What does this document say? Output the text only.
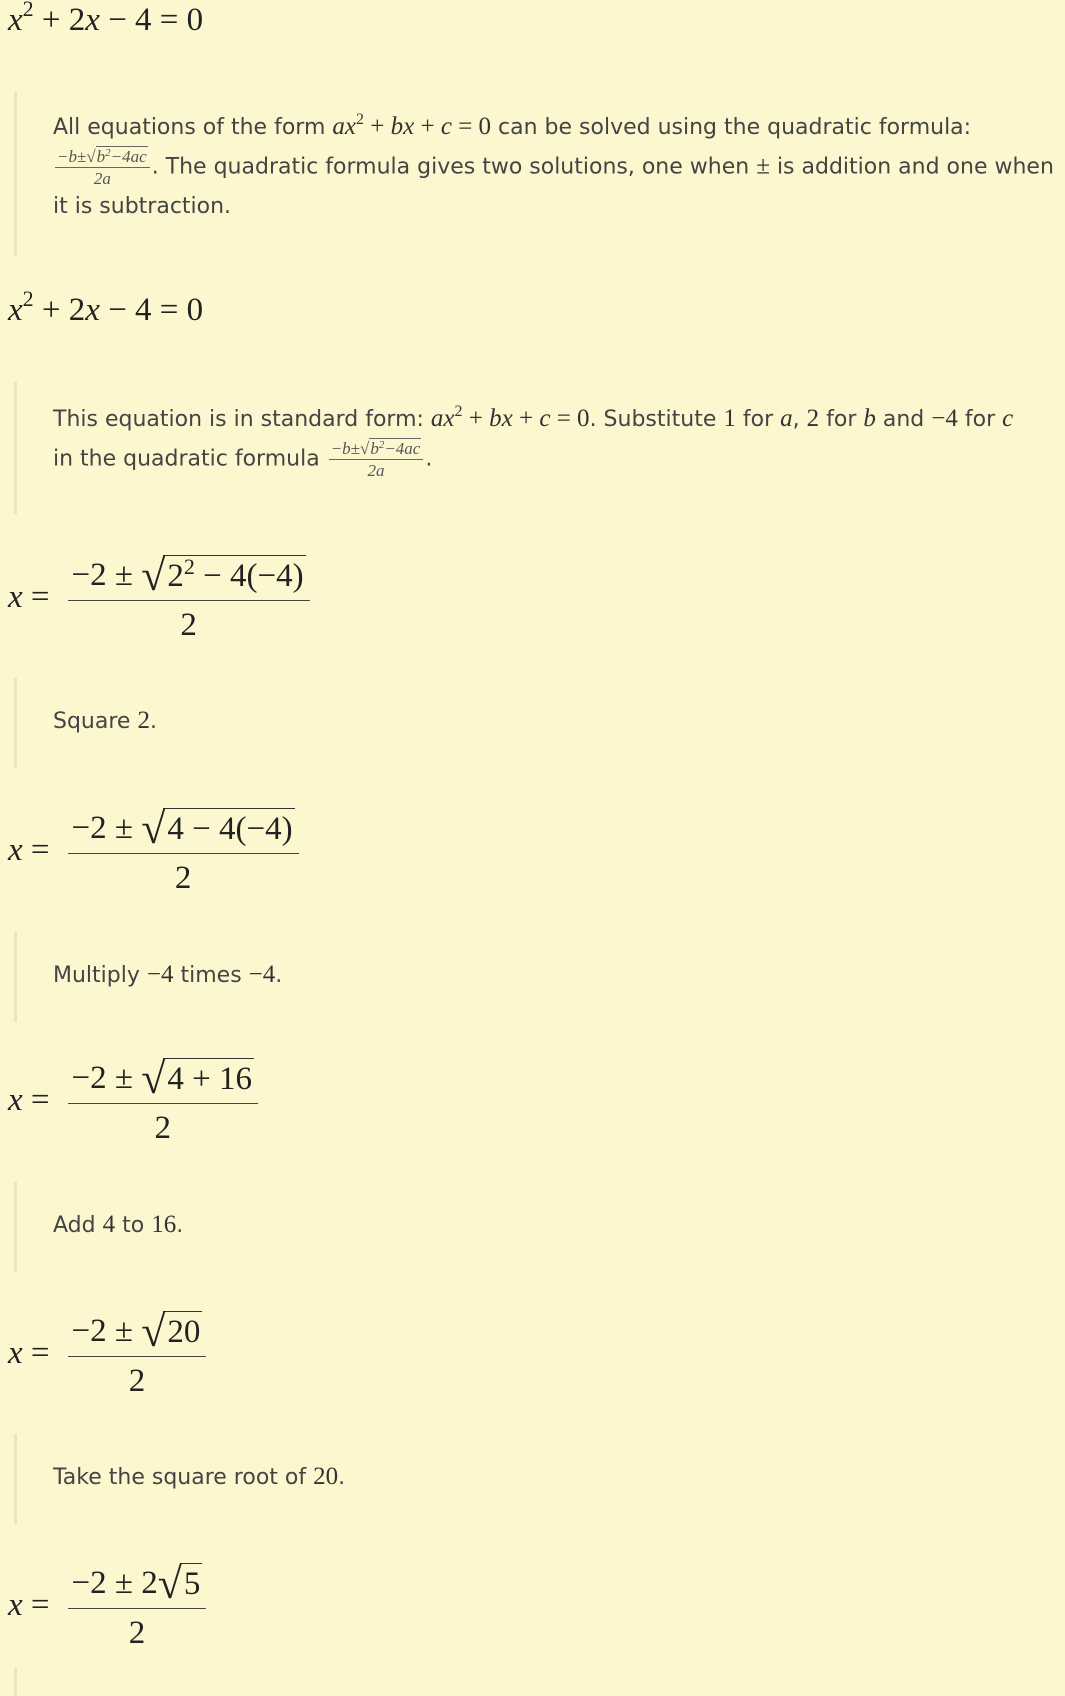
$x^2 + 2x - 4 = 0$
All equations of the form $ax^2$ + bx + c = 0 can be solved using the quadratic formula:

$\frac{-b\pm√b^2-4ac}{2a}$ . The quadratic formula gives two solutions, one when ± is addition and one when it is subtraction.
$x^2 + 2x - 4 = 0$
This equation is in standard form: $ax^2$ + bx + c = 0. Substitute 1 for a, 2 for b and −4 for c
in the quadratic formula $\frac{-b\pm√b^2-4ac}{2a}$ .
x = −2 ±
√ $2^2 - 4(-4)$
2
Square 2.
x = −2 ±
√ 4 − 4(−4)
2
Multiply −4 times −4.
x = −2 ±
√ 4 + 16
2
Add 4 to 16.
x = −2 ±
√ 20
2
Take the square root of 20.
$x = \frac{-2 \pm 2 √ 5}{2}$
